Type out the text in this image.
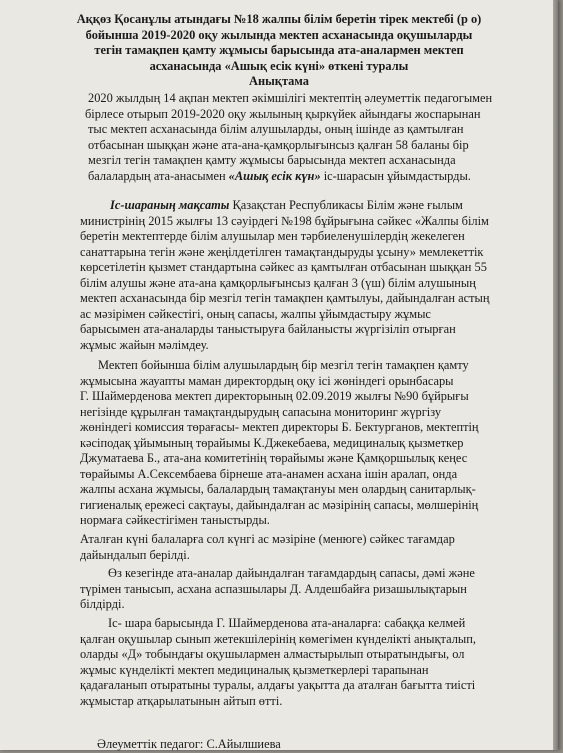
Аққөз Қосанұлы атындағы №18 жалпы білім беретін тірек мектебі (р о)
бойынша 2019-2020 оқу жылында мектеп асханасында оқушыларды
тегін тамақпен қамту жұмысы барысында ата-аналармен мектеп
асханасында «Ашық есік күні» өткені туралы
Анықтама
2020 жылдың 14 ақпан мектеп әкімшілігі мектептің әлеуметтік педагогымен
бірлесе отырып 2019-2020 оқу жылының қыркүйек айындағы жоспарынан
тыс мектеп асханасында білім алушыларды, оның ішінде аз қамтылған
отбасынан шыққан және ата-ана-қамқорлығынсыз қалған 58 баланы бір
мезгіл тегін тамақпен қамту жұмысы барысында мектеп асханасында
балалардың ата-анасымен «Ашық есік күн» іс-шарасын ұйымдастырды.
Іс-шараның мақсаты Қазақстан Республикасы Білім және ғылым
министрінің 2015 жылғы 13 сәуірдегі №198 бұйрығына сәйкес «Жалпы білім
беретін мектептерде білім алушылар мен тәрбиеленушілердің жекелеген
санаттарына тегін және жеңілдетілген тамақтандыруды ұсыну» мемлекеттік
көрсетілетін қызмет стандартына сәйкес аз қамтылған отбасынан шыққан 55
білім алушы және ата-ана қамқорлығынсыз қалған 3 (үш) білім алушының
мектеп асханасында бір мезгіл тегін тамақпен қамтылуы, дайындалған астың
ас мәзірімен сәйкестігі, оның сапасы, жалпы ұйымдастыру жұмыс
барысымен ата-аналарды таныстыруға байланысты жүргізіліп отырған
жұмыс жайын мәлімдеу.
Мектеп бойынша білім алушылардың бір мезгіл тегін тамақпен қамту
жұмысына жауапты маман директордың оқу ісі жөніндегі орынбасары
Г. Шаймерденова мектеп директорының 02.09.2019 жылғы №90 бұйрығы
негізінде құрылған тамақтандырудың сапасына мониторинг жүргізу
жөніндегі комиссия төрағасы- мектеп директоры Б. Бектурганов, мектептің
кәсіподақ ұйымының төрайымы К.Джекебаева, медициналық қызметкер
Джуматаева Б., ата-ана комитетінің төрайымы және Қамқоршылық кеңес
төрайымы А.Сексембаева бірнеше ата-анамен асхана ішін аралап, онда
жалпы асхана жұмысы, балалардың тамақтануы мен олардың санитарлық-
гигиеналық ережесі сақтауы, дайындалған ас мәзірінің сапасы, мөлшерінің
нормаға сәйкестігімен таныстырды.
Аталған күні балаларға сол күнгі ас мәзіріне (менюге) сәйкес тағамдар
дайындалып берілді.
Өз кезегінде ата-аналар дайындалған тағамдардың сапасы, дәмі және
түрімен танысып, асхана аспазшылары Д. Алдешбайға ризашылықтарын
білдірді.
Іс- шара барысында Г. Шаймерденова ата-аналарға: сабаққа келмей
қалған оқушылар сынып жетекшілерінің көмегімен күнделікті анықталып,
оларды «Д» тобындағы оқушылармен алмастырылып отыратындығы, ол
жұмыс күнделікті мектеп медициналық қызметкерлері тарапынан
қадағаланып отыратыны туралы, алдағы уақытта да аталған бағытта тиісті
жұмыстар атқарылатынын айтып өтті.
Әлеуметтік педагог: С.Айылшиева
